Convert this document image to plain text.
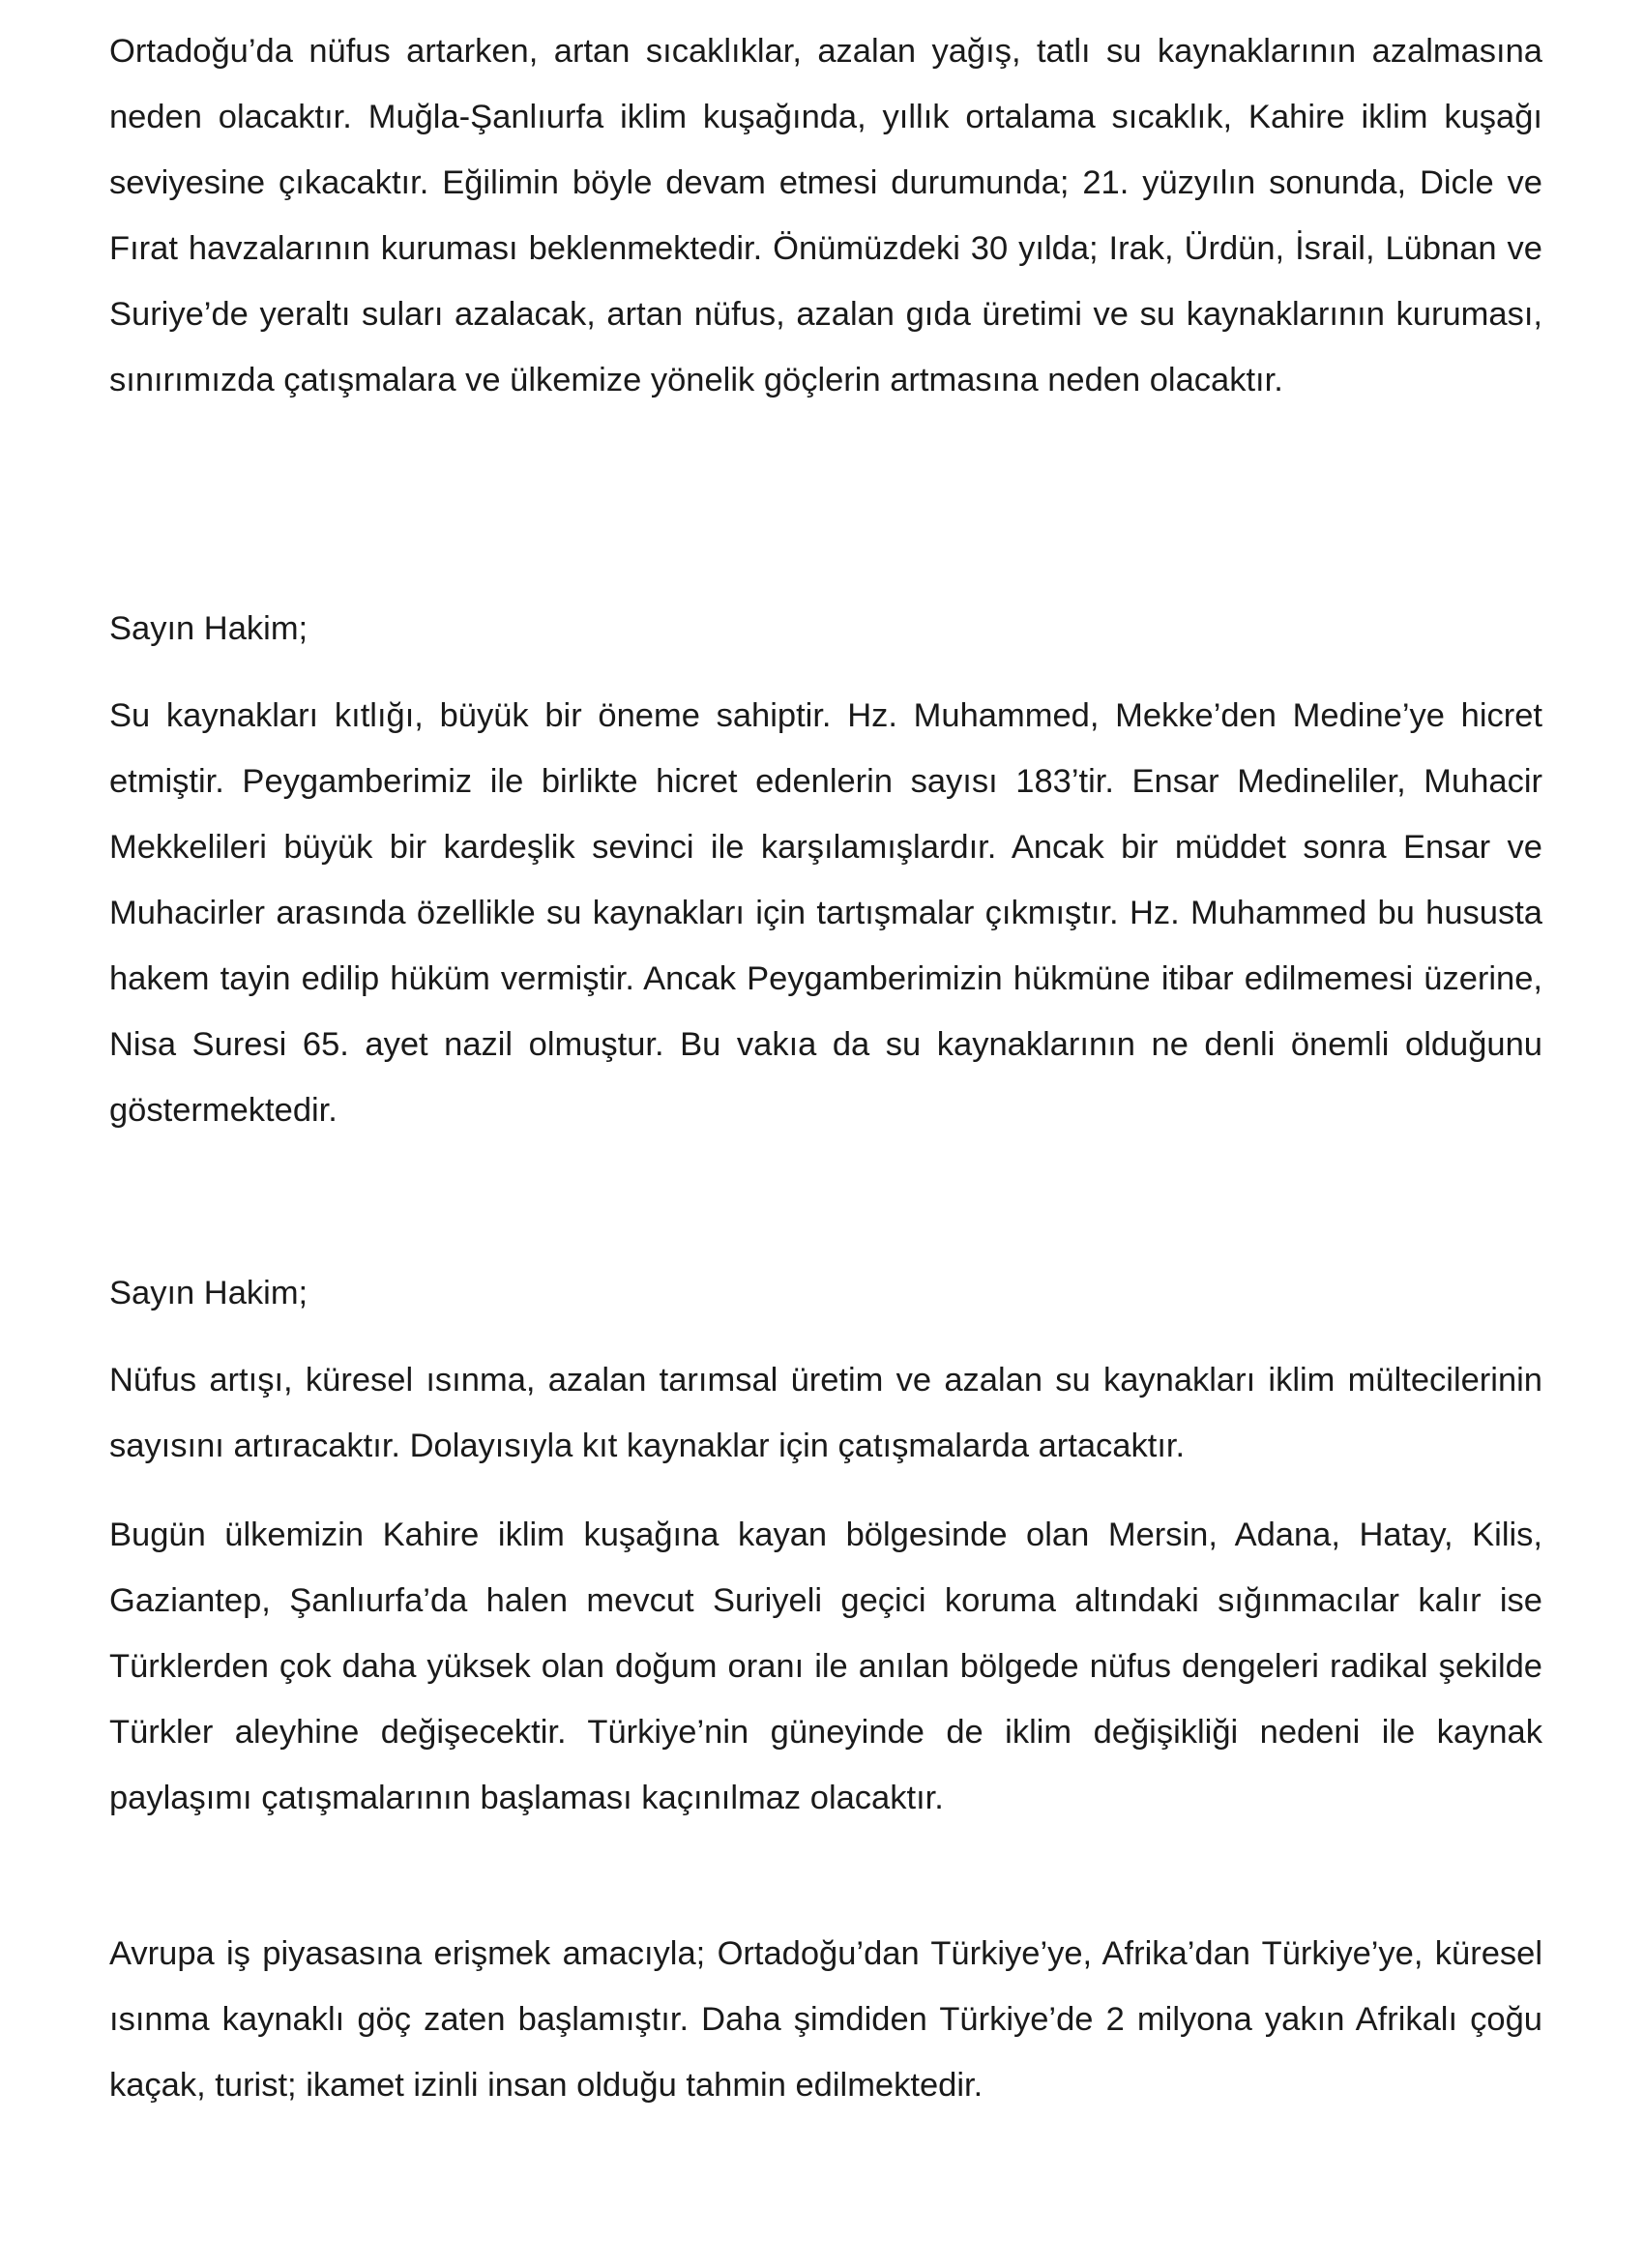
Ortadoğu’da nüfus artarken, artan sıcaklıklar, azalan yağış, tatlı su kaynaklarının azalmasına neden olacaktır. Muğla-Şanlıurfa iklim kuşağında, yıllık ortalama sıcaklık, Kahire iklim kuşağı seviyesine çıkacaktır. Eğilimin böyle devam etmesi durumunda; 21. yüzyılın sonunda, Dicle ve Fırat havzalarının kuruması beklenmektedir. Önümüzdeki 30 yılda; Irak, Ürdün, İsrail, Lübnan ve Suriye’de yeraltı suları azalacak, artan nüfus, azalan gıda üretimi ve su kaynaklarının kuruması, sınırımızda çatışmalara ve ülkemize yönelik göçlerin artmasına neden olacaktır.

Sayın Hakim;

Su kaynakları kıtlığı, büyük bir öneme sahiptir. Hz. Muhammed, Mekke’den Medine’ye hicret etmiştir. Peygamberimiz ile birlikte hicret edenlerin sayısı 183’tir. Ensar Medineliler, Muhacir Mekkelileri büyük bir kardeşlik sevinci ile karşılamışlardır. Ancak bir müddet sonra Ensar ve Muhacirler arasında özellikle su kaynakları için tartışmalar çıkmıştır. Hz. Muhammed bu hususta hakem tayin edilip hüküm vermiştir. Ancak Peygamberimizin hükmüne itibar edilmemesi üzerine, Nisa Suresi 65. ayet nazil olmuştur. Bu vakıa da su kaynaklarının ne denli önemli olduğunu göstermektedir.

Sayın Hakim;

Nüfus artışı, küresel ısınma, azalan tarımsal üretim ve azalan su kaynakları iklim mültecilerinin sayısını artıracaktır. Dolayısıyla kıt kaynaklar için çatışmalarda artacaktır.

Bugün ülkemizin Kahire iklim kuşağına kayan bölgesinde olan Mersin, Adana, Hatay, Kilis, Gaziantep, Şanlıurfa’da halen mevcut Suriyeli geçici koruma altındaki sığınmacılar kalır ise Türklerden çok daha yüksek olan doğum oranı ile anılan bölgede nüfus dengeleri radikal şekilde Türkler aleyhine değişecektir. Türkiye’nin güneyinde de iklim değişikliği nedeni ile kaynak paylaşımı çatışmalarının başlaması kaçınılmaz olacaktır.

Avrupa iş piyasasına erişmek amacıyla; Ortadoğu’dan Türkiye’ye, Afrika’dan Türkiye’ye, küresel ısınma kaynaklı göç zaten başlamıştır. Daha şimdiden Türkiye’de 2 milyona yakın Afrikalı çoğu kaçak, turist; ikamet izinli insan olduğu tahmin edilmektedir.
